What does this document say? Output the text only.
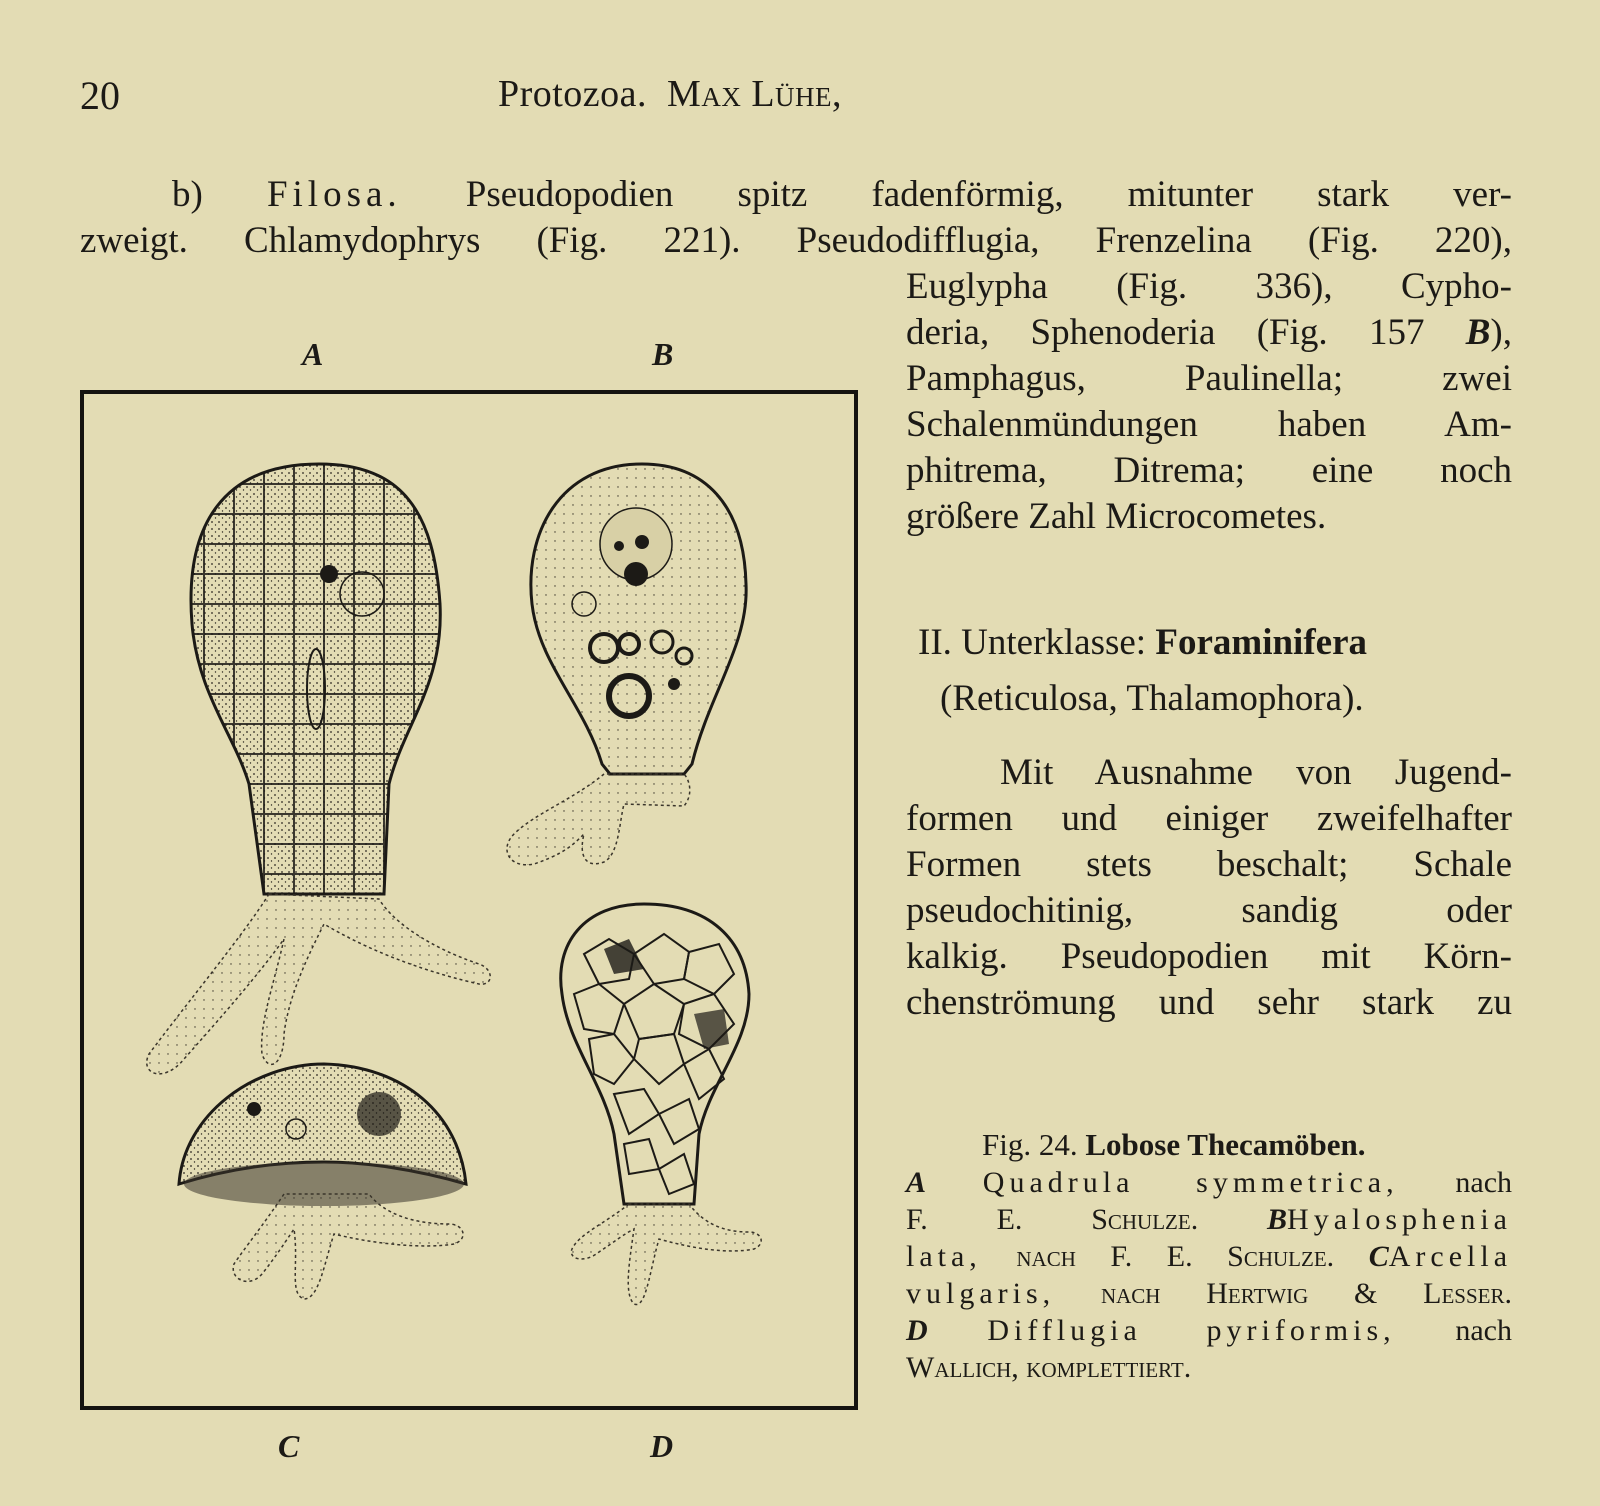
20	Protozoa. Max Lühe,
b) Filosa. Pseudopodien spitz fadenförmig, mitunter stark ver-
zweigt. Chlamydophrys (Fig. 221). Pseudodifflugia, Frenzelina (Fig. 220),
Euglypha (Fig. 336), Cypho-
deria, Sphenoderia (Fig. 157 B),
Pamphagus, Paulinella; zwei
Schalenmündungen haben Am-
phitrema, Ditrema; eine noch
größere Zahl Microcometes.
II. Unterklasse: Foraminifera
(Reticulosa, Thalamophora).
Mit Ausnahme von Jugend-
formen und einiger zweifelhafter
Formen stets beschalt; Schale
pseudochitinig, sandig oder
kalkig. Pseudopodien mit Körn-
chenströmung und sehr stark zu
Fig. 24. Lobose Thecamöben.
A Quadrula symmetrica, nach
F. E. Schulze. BHyalosphenia
lata, nach F. E. Schulze. CArcella
vulgaris, nach Hertwig & Lesser.
D Difflugia pyriformis, nach
Wallich, komplettiert.
A	B
C	D
